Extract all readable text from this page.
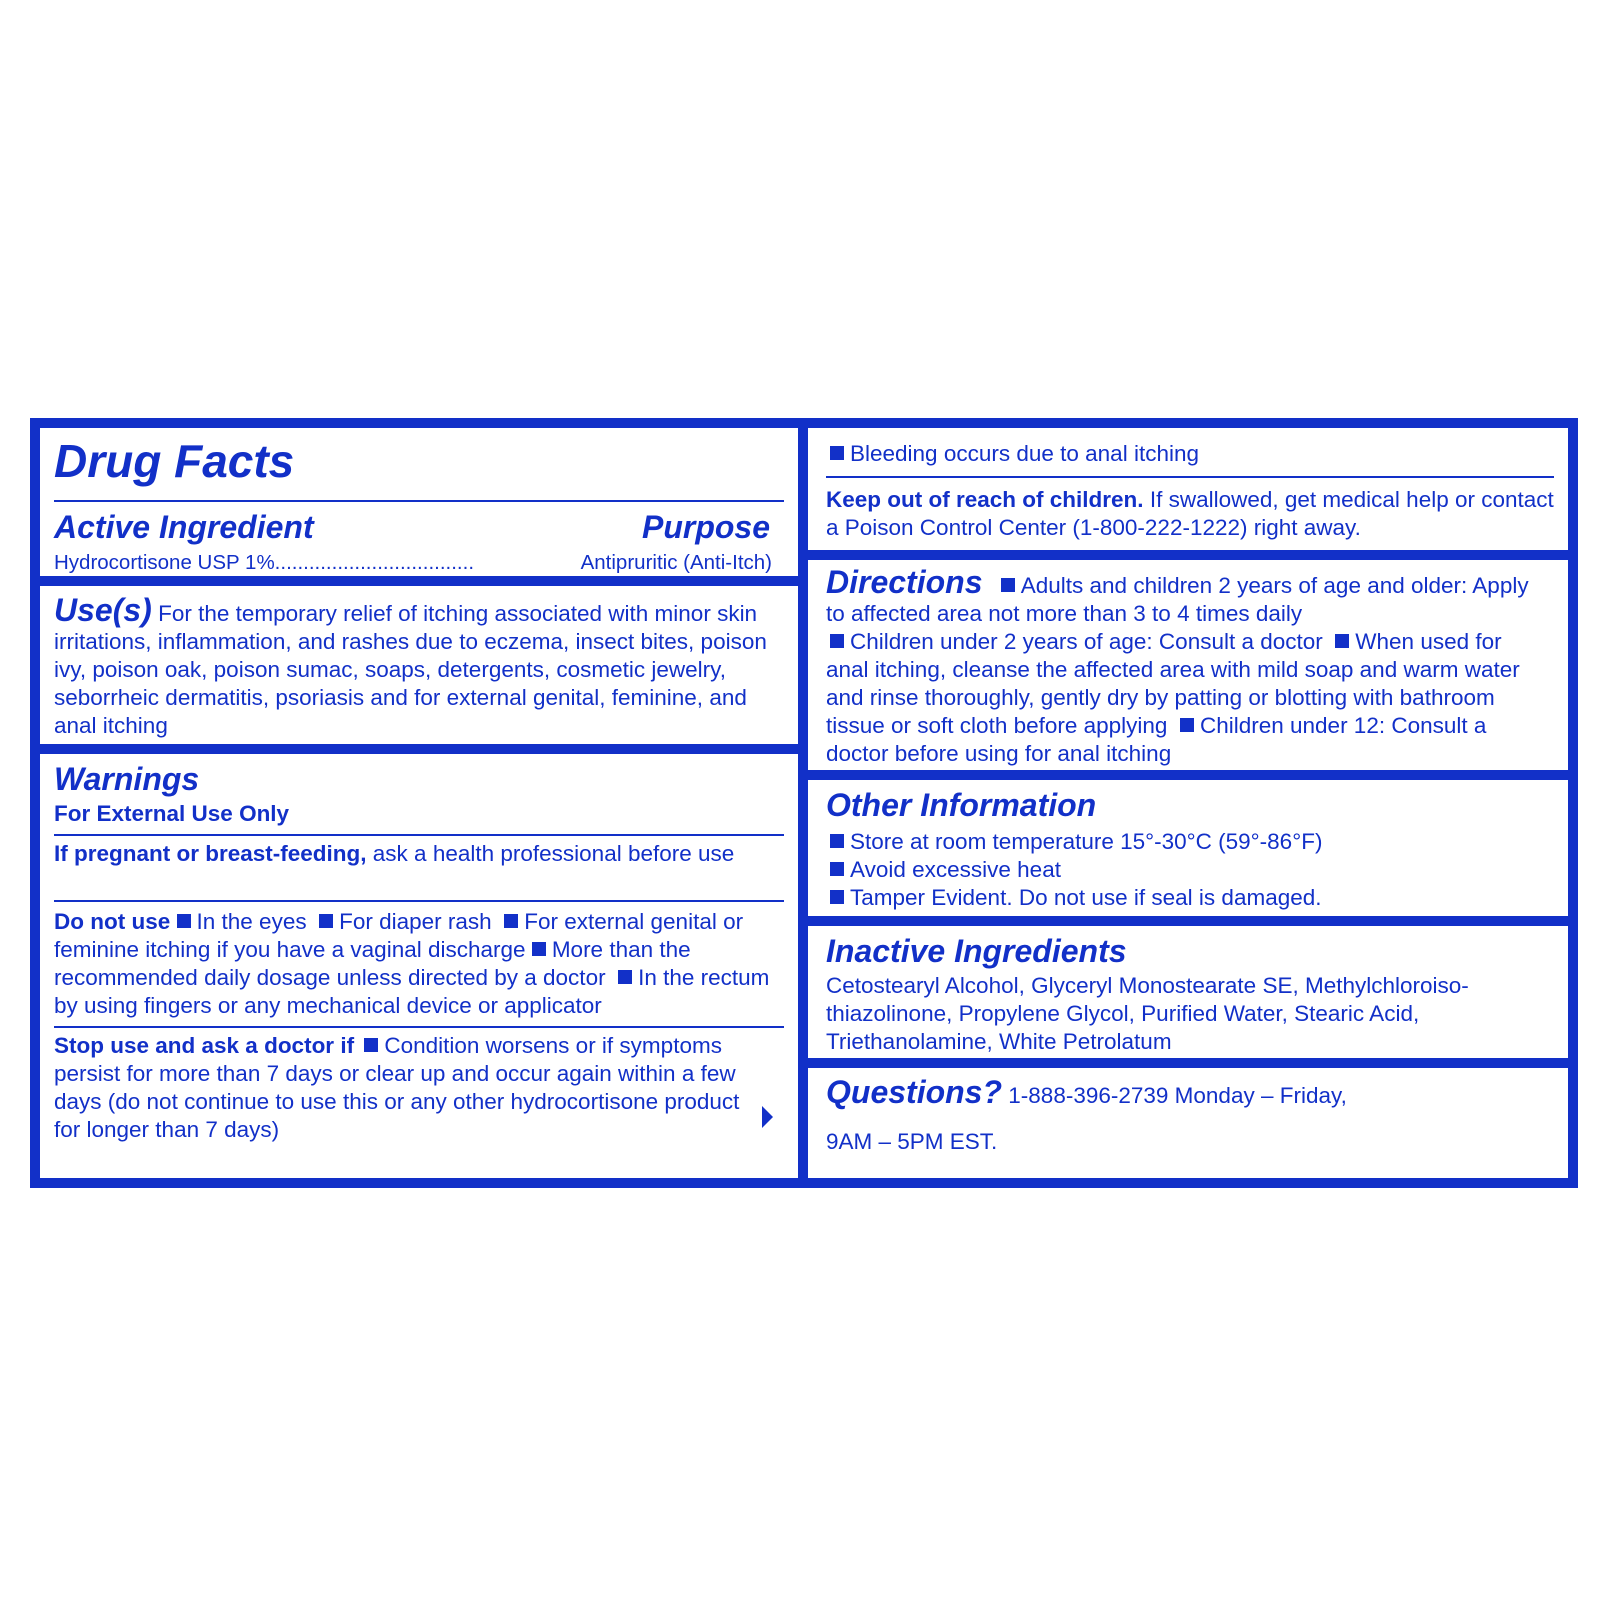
Drug Facts
Active Ingredient	Purpose
Hydrocortisone USP 1% ...................................	Antipruritic (Anti-Itch)
Use(s) For the temporary relief of itching associated with minor skin irritations, inflammation, and rashes due to eczema, insect bites, poison ivy, poison oak, poison sumac, soaps, detergents, cosmetic jewelry, seborrheic dermatitis, psoriasis and for external genital, feminine, and anal itching
Warnings
For External Use Only
If pregnant or breast-feeding, ask a health professional before use
Do not use In the eyes For diaper rash For external genital or feminine itching if you have a vaginal discharge More than the recommended daily dosage unless directed by a doctor In the rectum by using fingers or any mechanical device or applicator
Stop use and ask a doctor if Condition worsens or if symptoms persist for more than 7 days or clear up and occur again within a few days (do not continue to use this or any other hydrocortisone product for longer than 7 days)
Bleeding occurs due to anal itching
Keep out of reach of children. If swallowed, get medical help or contact a Poison Control Center (1-800-222-1222) right away.
Directions Adults and children 2 years of age and older: Apply to affected area not more than 3 to 4 times daily
Children under 2 years of age: Consult a doctor When used for anal itching, cleanse the affected area with mild soap and warm water and rinse thoroughly, gently dry by patting or blotting with bathroom tissue or soft cloth before applying Children under 12: Consult a doctor before using for anal itching
Other Information
Store at room temperature 15°-30°C (59°-86°F)
Avoid excessive heat
Tamper Evident. Do not use if seal is damaged.
Inactive Ingredients
Cetostearyl Alcohol, Glyceryl Monostearate SE, Methylchloroiso-thiazolinone, Propylene Glycol, Purified Water, Stearic Acid, Triethanolamine, White Petrolatum
Questions? 1-888-396-2739 Monday – Friday,
9AM – 5PM EST.
